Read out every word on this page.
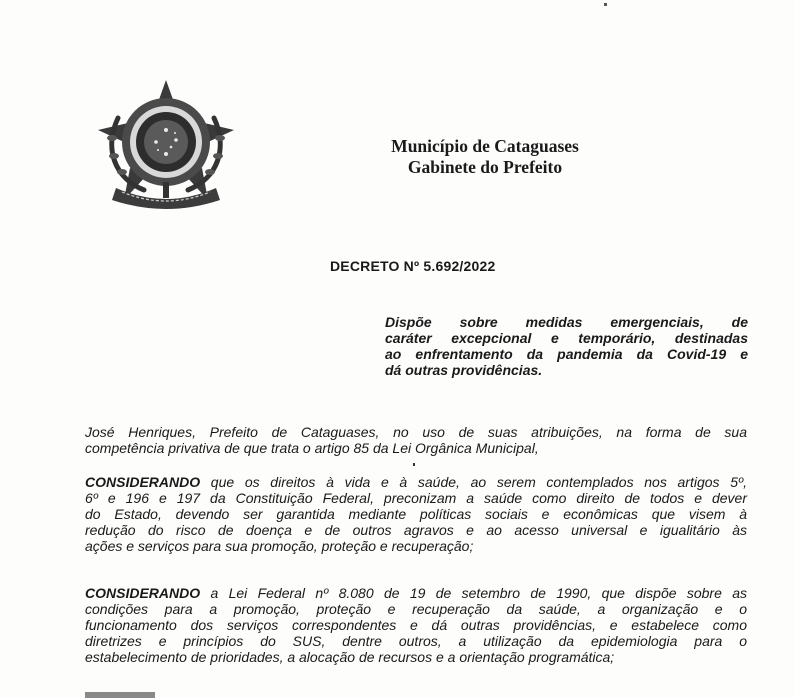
Município de Cataguases
Gabinete do Prefeito
DECRETO Nº 5.692/2022
Dispõe sobre medidas emergenciais, de
caráter excepcional e temporário, destinadas
ao enfrentamento da pandemia da Covid-19 e
dá outras providências.
José Henriques, Prefeito de Cataguases, no uso de suas atribuições, na forma de sua
competência privativa de que trata o artigo 85 da Lei Orgânica Municipal,
CONSIDERANDO que os direitos à vida e à saúde, ao serem contemplados nos artigos 5º,
6º e 196 e 197 da Constituição Federal, preconizam a saúde como direito de todos e dever
do Estado, devendo ser garantida mediante políticas sociais e econômicas que visem à
redução do risco de doença e de outros agravos e ao acesso universal e igualitário às
ações e serviços para sua promoção, proteção e recuperação;
CONSIDERANDO a Lei Federal nº 8.080 de 19 de setembro de 1990, que dispõe sobre as
condições para a promoção, proteção e recuperação da saúde, a organização e o
funcionamento dos serviços correspondentes e dá outras providências, e estabelece como
diretrizes e princípios do SUS, dentre outros, a utilização da epidemiologia para o
estabelecimento de prioridades, a alocação de recursos e a orientação programática;
